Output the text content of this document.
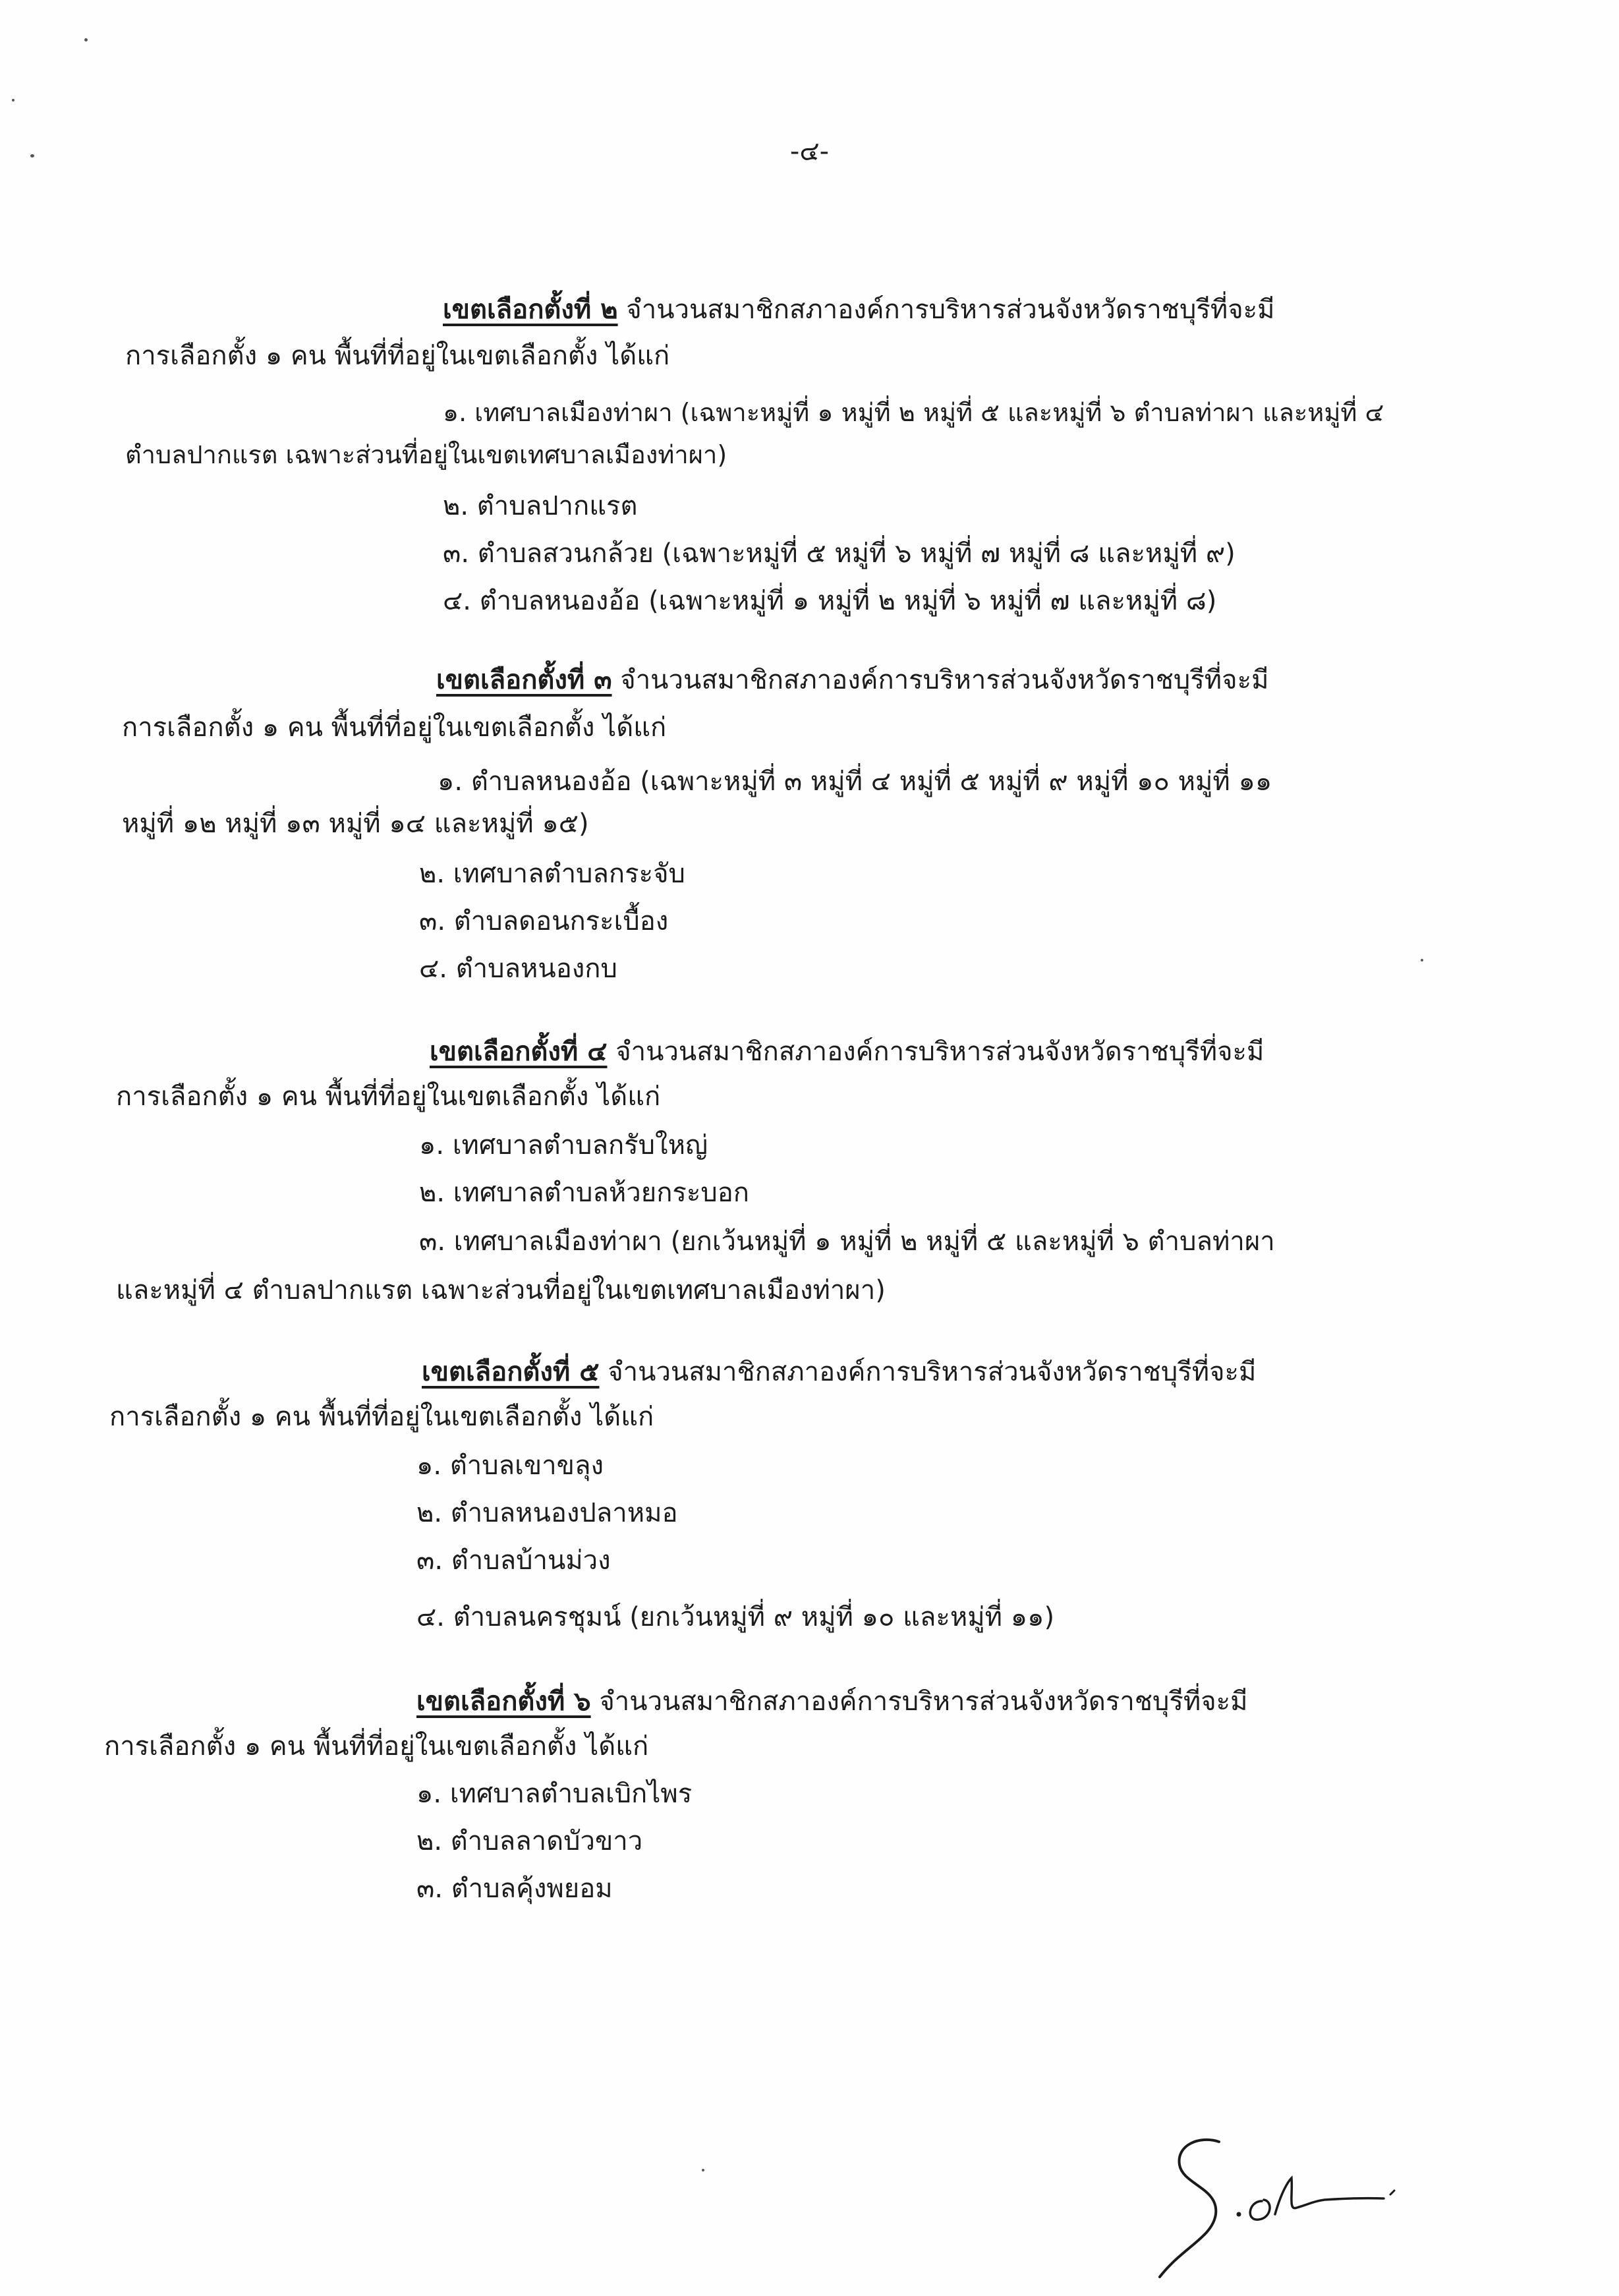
-๔-
เขตเลือกตั้งที่ ๒ จำนวนสมาชิกสภาองค์การบริหารส่วนจังหวัดราชบุรีที่จะมี
การเลือกตั้ง ๑ คน พื้นที่ที่อยู่ในเขตเลือกตั้ง ได้แก่
๑. เทศบาลเมืองท่าผา (เฉพาะหมู่ที่ ๑ หมู่ที่ ๒ หมู่ที่ ๕ และหมู่ที่ ๖ ตำบลท่าผา และหมู่ที่ ๔
ตำบลปากแรต เฉพาะส่วนที่อยู่ในเขตเทศบาลเมืองท่าผา)
๒. ตำบลปากแรต
๓. ตำบลสวนกล้วย (เฉพาะหมู่ที่ ๕ หมู่ที่ ๖ หมู่ที่ ๗ หมู่ที่ ๘ และหมู่ที่ ๙)
๔. ตำบลหนองอ้อ (เฉพาะหมู่ที่ ๑ หมู่ที่ ๒ หมู่ที่ ๖ หมู่ที่ ๗ และหมู่ที่ ๘)
เขตเลือกตั้งที่ ๓ จำนวนสมาชิกสภาองค์การบริหารส่วนจังหวัดราชบุรีที่จะมี
การเลือกตั้ง ๑ คน พื้นที่ที่อยู่ในเขตเลือกตั้ง ได้แก่
๑. ตำบลหนองอ้อ (เฉพาะหมู่ที่ ๓ หมู่ที่ ๔ หมู่ที่ ๕ หมู่ที่ ๙ หมู่ที่ ๑๐ หมู่ที่ ๑๑
หมู่ที่ ๑๒ หมู่ที่ ๑๓ หมู่ที่ ๑๔ และหมู่ที่ ๑๕)
๒. เทศบาลตำบลกระจับ
๓. ตำบลดอนกระเบื้อง
๔. ตำบลหนองกบ
เขตเลือกตั้งที่ ๔ จำนวนสมาชิกสภาองค์การบริหารส่วนจังหวัดราชบุรีที่จะมี
การเลือกตั้ง ๑ คน พื้นที่ที่อยู่ในเขตเลือกตั้ง ได้แก่
๑. เทศบาลตำบลกรับใหญ่
๒. เทศบาลตำบลห้วยกระบอก
๓. เทศบาลเมืองท่าผา (ยกเว้นหมู่ที่ ๑ หมู่ที่ ๒ หมู่ที่ ๕ และหมู่ที่ ๖ ตำบลท่าผา
และหมู่ที่ ๔ ตำบลปากแรต เฉพาะส่วนที่อยู่ในเขตเทศบาลเมืองท่าผา)
เขตเลือกตั้งที่ ๕ จำนวนสมาชิกสภาองค์การบริหารส่วนจังหวัดราชบุรีที่จะมี
การเลือกตั้ง ๑ คน พื้นที่ที่อยู่ในเขตเลือกตั้ง ได้แก่
๑. ตำบลเขาขลุง
๒. ตำบลหนองปลาหมอ
๓. ตำบลบ้านม่วง
๔. ตำบลนครชุมน์ (ยกเว้นหมู่ที่ ๙ หมู่ที่ ๑๐ และหมู่ที่ ๑๑)
เขตเลือกตั้งที่ ๖ จำนวนสมาชิกสภาองค์การบริหารส่วนจังหวัดราชบุรีที่จะมี
การเลือกตั้ง ๑ คน พื้นที่ที่อยู่ในเขตเลือกตั้ง ได้แก่
๑. เทศบาลตำบลเบิกไพร
๒. ตำบลลาดบัวขาว
๓. ตำบลคุ้งพยอม
